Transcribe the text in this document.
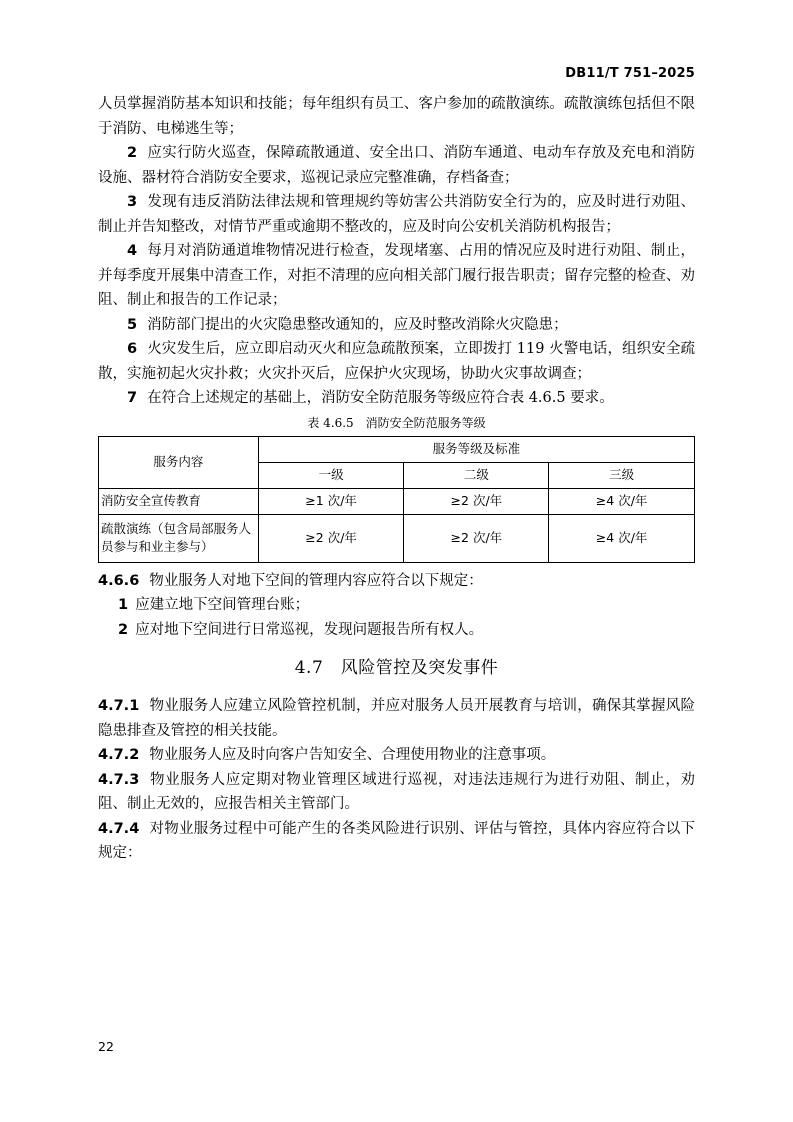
DB11/T 751–2025

人员掌握消防基本知识和技能；每年组织有员工、客户参加的疏散演练。疏散演练包括但不限于消防、电梯逃生等；

2 应实行防火巡查，保障疏散通道、安全出口、消防车通道、电动车存放及充电和消防设施、器材符合消防安全要求，巡视记录应完整准确，存档备查；

3 发现有违反消防法律法规和管理规约等妨害公共消防安全行为的，应及时进行劝阻、制止并告知整改，对情节严重或逾期不整改的，应及时向公安机关消防机构报告；

4 每月对消防通道堆物情况进行检查，发现堵塞、占用的情况应及时进行劝阻、制止，并每季度开展集中清查工作，对拒不清理的应向相关部门履行报告职责；留存完整的检查、劝阻、制止和报告的工作记录；

5 消防部门提出的火灾隐患整改通知的，应及时整改消除火灾隐患；

6 火灾发生后，应立即启动灭火和应急疏散预案，立即拨打 119 火警电话，组织安全疏散，实施初起火灾扑救；火灾扑灭后，应保护火灾现场，协助火灾事故调查；

7 在符合上述规定的基础上，消防安全防范服务等级应符合表 4.6.5 要求。

表 4.6.5　消防安全防范服务等级
服务内容	服务等级及标准		
	一级	二级	三级
消防安全宣传教育	≥1 次/年	≥2 次/年	≥4 次/年
疏散演练（包含局部服务人员参与和业主参与）	≥2 次/年	≥2 次/年	≥4 次/年

4.6.6 物业服务人对地下空间的管理内容应符合以下规定：

1 应建立地下空间管理台账；

2 应对地下空间进行日常巡视，发现问题报告所有权人。

4.7　风险管控及突发事件

4.7.1 物业服务人应建立风险管控机制，并应对服务人员开展教育与培训，确保其掌握风险隐患排查及管控的相关技能。

4.7.2 物业服务人应及时向客户告知安全、合理使用物业的注意事项。

4.7.3 物业服务人应定期对物业管理区域进行巡视，对违法违规行为进行劝阻、制止，劝阻、制止无效的，应报告相关主管部门。

4.7.4 对物业服务过程中可能产生的各类风险进行识别、评估与管控，具体内容应符合以下规定：

22
